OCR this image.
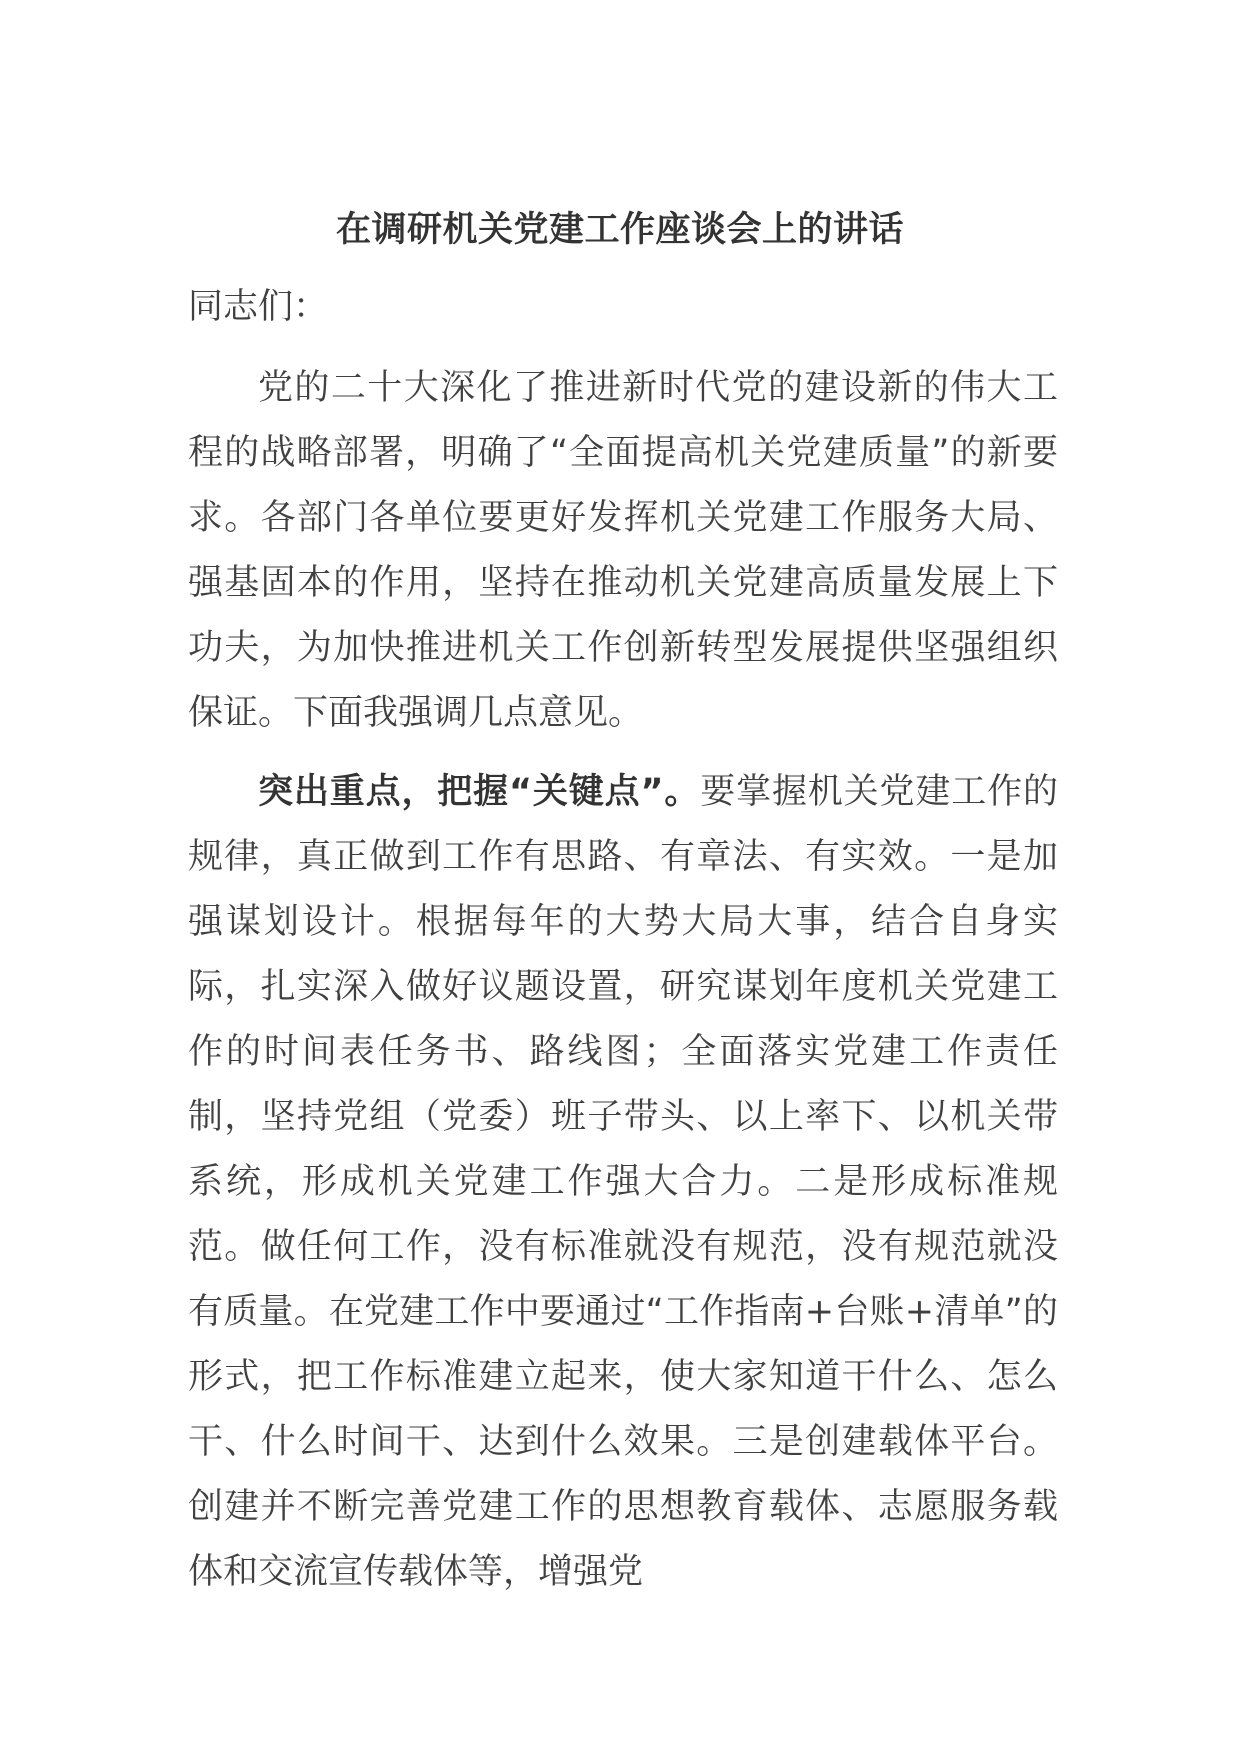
在调研机关党建工作座谈会上的讲话

同志们：

党的二十大深化了推进新时代党的建设新的伟大工程的战略部署，明确了“全面提高机关党建质量”的新要求。各部门各单位要更好发挥机关党建工作服务大局、强基固本的作用，坚持在推动机关党建高质量发展上下功夫，为加快推进机关工作创新转型发展提供坚强组织保证。下面我强调几点意见。

突出重点，把握“关键点”。要掌握机关党建工作的规律，真正做到工作有思路、有章法、有实效。一是加强谋划设计。根据每年的大势大局大事，结合自身实际，扎实深入做好议题设置，研究谋划年度机关党建工作的时间表任务书、路线图；全面落实党建工作责任制，坚持党组（党委）班子带头、以上率下、以机关带系统，形成机关党建工作强大合力。二是形成标准规范。做任何工作，没有标准就没有规范，没有规范就没有质量。在党建工作中要通过“工作指南+台账+清单”的形式，把工作标准建立起来，使大家知道干什么、怎么干、什么时间干、达到什么效果。三是创建载体平台。创建并不断完善党建工作的思想教育载体、志愿服务载体和交流宣传载体等，增强党
